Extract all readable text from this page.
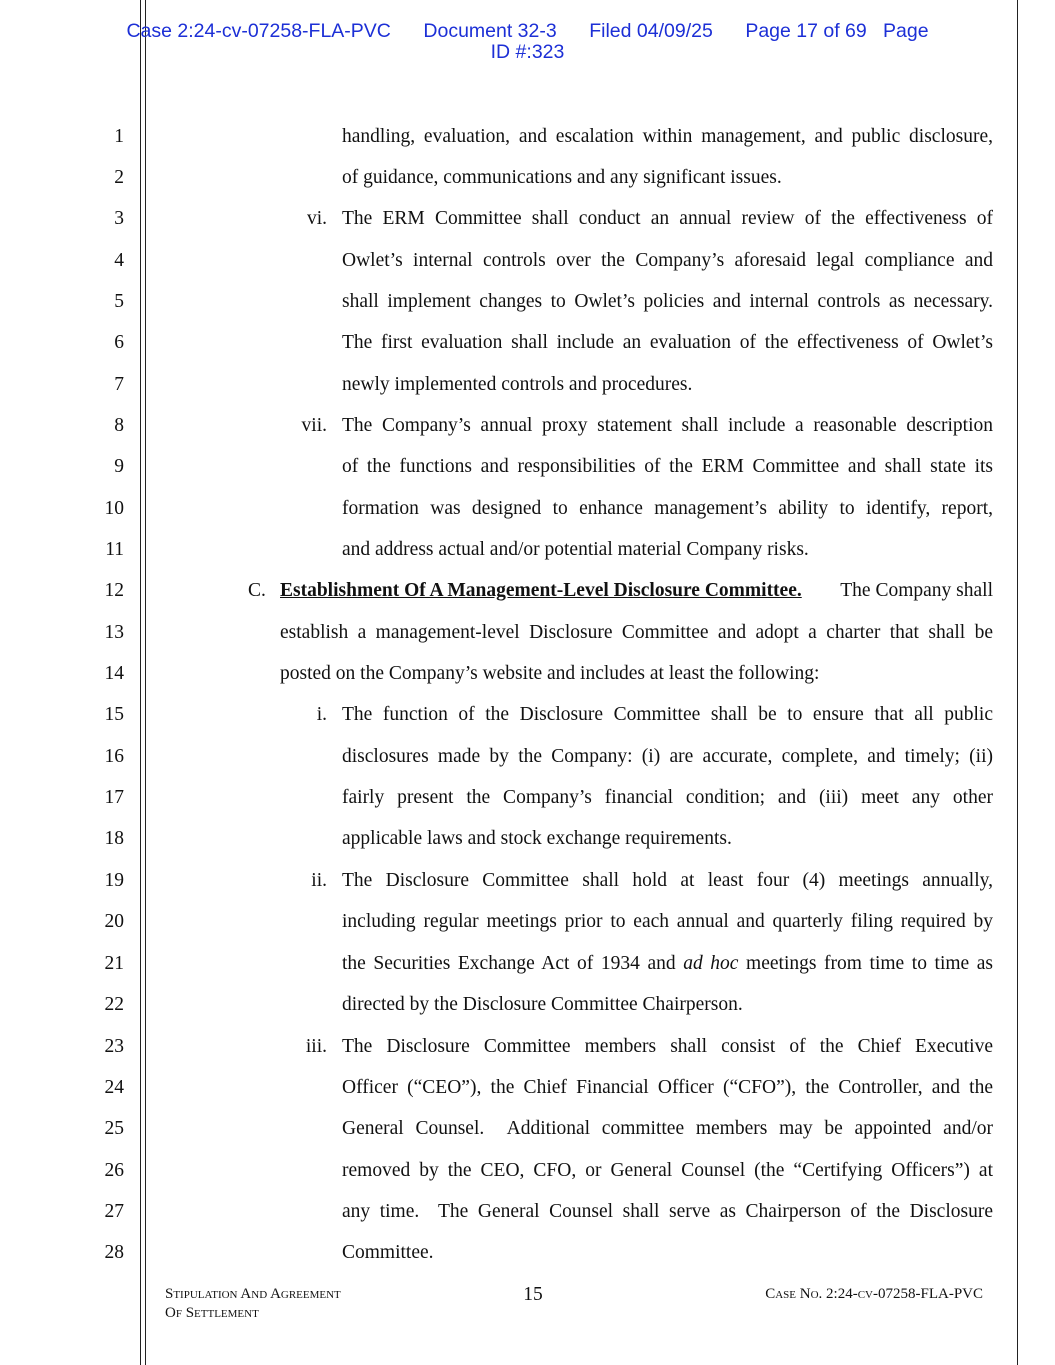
Case 2:24-cv-07258-FLA-PVC      Document 32-3      Filed 04/09/25      Page 17 of 69   Page
ID #:323
1
2
3
4
5
6
7
8
9
10
11
12
13
14
15
16
17
18
19
20
21
22
23
24
25
26
27
28
handling, evaluation, and escalation within management, and public disclosure,
of guidance, communications and any significant issues.
vi. The ERM Committee shall conduct an annual review of the effectiveness of
Owlet’s internal controls over the Company’s aforesaid legal compliance and
shall implement changes to Owlet’s policies and internal controls as necessary.
The first evaluation shall include an evaluation of the effectiveness of Owlet’s
newly implemented controls and procedures.
vii. The Company’s annual proxy statement shall include a reasonable description
of the functions and responsibilities of the ERM Committee and shall state its
formation was designed to enhance management’s ability to identify, report,
and address actual and/or potential material Company risks.
C. Establishment Of A Management-Level Disclosure Committee.	The Company shall
establish a management-level Disclosure Committee and adopt a charter that shall be
posted on the Company’s website and includes at least the following:
i. The function of the Disclosure Committee shall be to ensure that all public
disclosures made by the Company: (i) are accurate, complete, and timely; (ii)
fairly present the Company’s financial condition; and (iii) meet any other
applicable laws and stock exchange requirements.
ii. The Disclosure Committee shall hold at least four (4) meetings annually,
including regular meetings prior to each annual and quarterly filing required by
the Securities Exchange Act of 1934 and ad hoc meetings from time to time as
directed by the Disclosure Committee Chairperson.
iii. The Disclosure Committee members shall consist of the Chief Executive
Officer (“CEO”), the Chief Financial Officer (“CFO”), the Controller, and the
General Counsel.  Additional committee members may be appointed and/or
removed by the CEO, CFO, or General Counsel (the “Certifying Officers”) at
any time.  The General Counsel shall serve as Chairperson of the Disclosure
Committee.
Stipulation And Agreement
Of Settlement
15	Case No. 2:24-cv-07258-FLA-PVC
